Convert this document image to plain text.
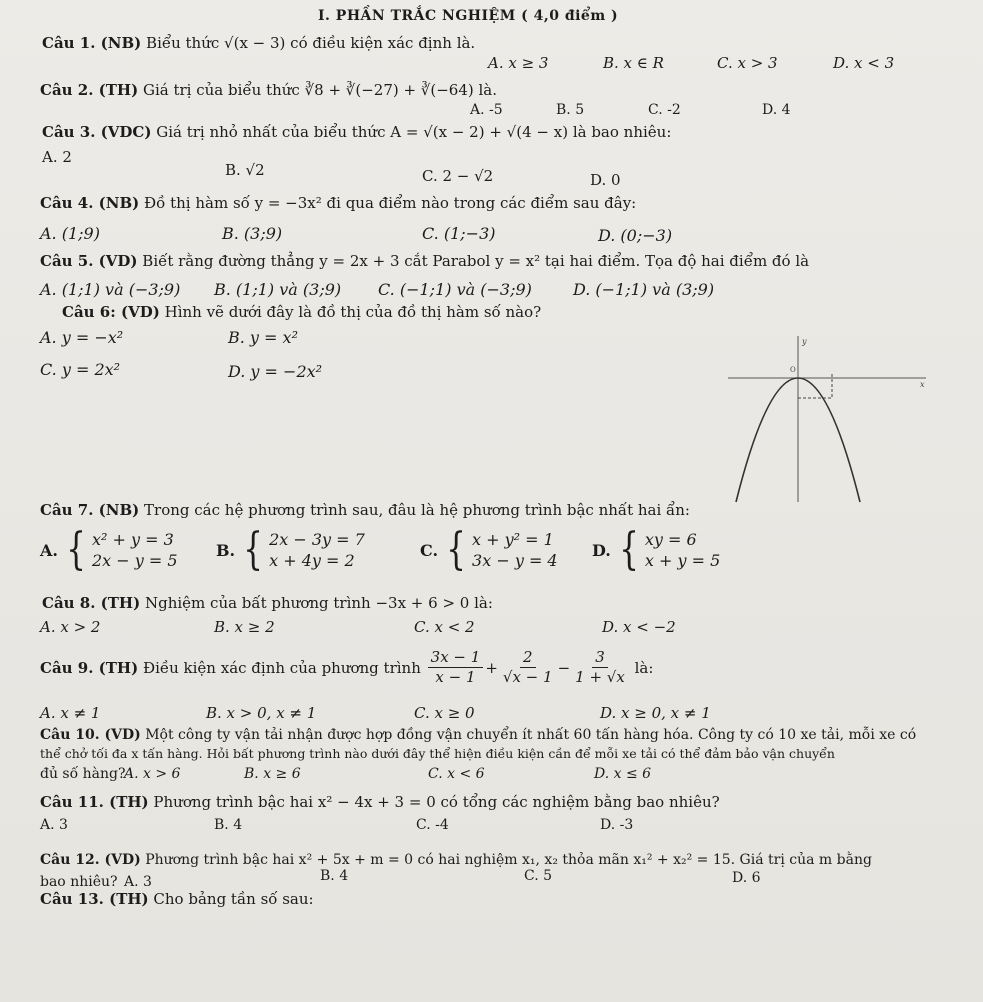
I. PHẦN TRẮC NGHIỆM ( 4,0 điểm )
Câu 1. (NB) Biểu thức √(x − 3) có điều kiện xác định là.
A. x ≥ 3	B. x ∈ R	C. x > 3	D. x < 3
Câu 2. (TH) Giá trị của biểu thức ∛8 + ∛(−27) + ∛(−64) là.
A. -5	B. 5	C. -2	D. 4
Câu 3. (VDC) Giá trị nhỏ nhất của biểu thức A = √(x − 2) + √(4 − x) là bao nhiêu:
A. 2
B. √2	C. 2 − √2	D. 0
Câu 4. (NB) Đồ thị hàm số y = −3x² đi qua điểm nào trong các điểm sau đây:
A. (1;9)	B. (3;9)	C. (1;−3)	D. (0;−3)
Câu 5. (VD) Biết rằng đường thẳng y = 2x + 3 cắt Parabol y = x² tại hai điểm. Tọa độ hai điểm đó là
A. (1;1) và (−3;9) B. (1;1) và (3;9) C. (−1;1) và (−3;9)	D. (−1;1) và (3;9)
Câu 6: (VD) Hình vẽ dưới đây là đồ thị của đồ thị hàm số nào?
A. y = −x²	B. y = x²
C. y = 2x²	D. y = −2x²
y
x
O
Câu 7. (NB) Trong các hệ phương trình sau, đâu là hệ phương trình bậc nhất hai ẩn:
A. { x² + y = 3
2x − y = 5
B. { 2x − 3y = 7
x + 4y = 2
C. { x + y² = 1
3x − y = 4
D. { xy = 6
x + y = 5
Câu 8. (TH) Nghiệm của bất phương trình −3x + 6 > 0 là:
A. x > 2	B. x ≥ 2	C. x < 2	D. x < −2
Câu 9. (TH)
Điều kiện xác định của phương trình
$\frac{3x - 1}{x - 1} + \frac{2}{√x - 1} - \frac{3}{1 + √x}$
là:
A. x ≠ 1	B. x > 0, x ≠ 1	C. x ≥ 0	D. x ≥ 0, x ≠ 1
Câu 10. (VD) Một công ty vận tải nhận được hợp đồng vận chuyển ít nhất 60 tấn hàng hóa. Công ty có 10 xe tải, mỗi xe có
thể chở tối đa x tấn hàng. Hỏi bất phương trình nào dưới đây thể hiện điều kiện cần để mỗi xe tải có thể đảm bảo vận chuyển
đủ số hàng?
A. x > 6	B. x ≥ 6	C. x < 6	D. x ≤ 6
Câu 11. (TH) Phương trình bậc hai x² − 4x + 3 = 0 có tổng các nghiệm bằng bao nhiêu?
A. 3	B. 4	C. -4	D. -3
Câu 12. (VD) Phương trình bậc hai x² + 5x + m = 0 có hai nghiệm x₁, x₂ thỏa mãn x₁² + x₂² = 15. Giá trị của m bằng
bao nhiêu? A. 3	B. 4	C. 5	D. 6
Câu 13. (TH) Cho bảng tần số sau:
